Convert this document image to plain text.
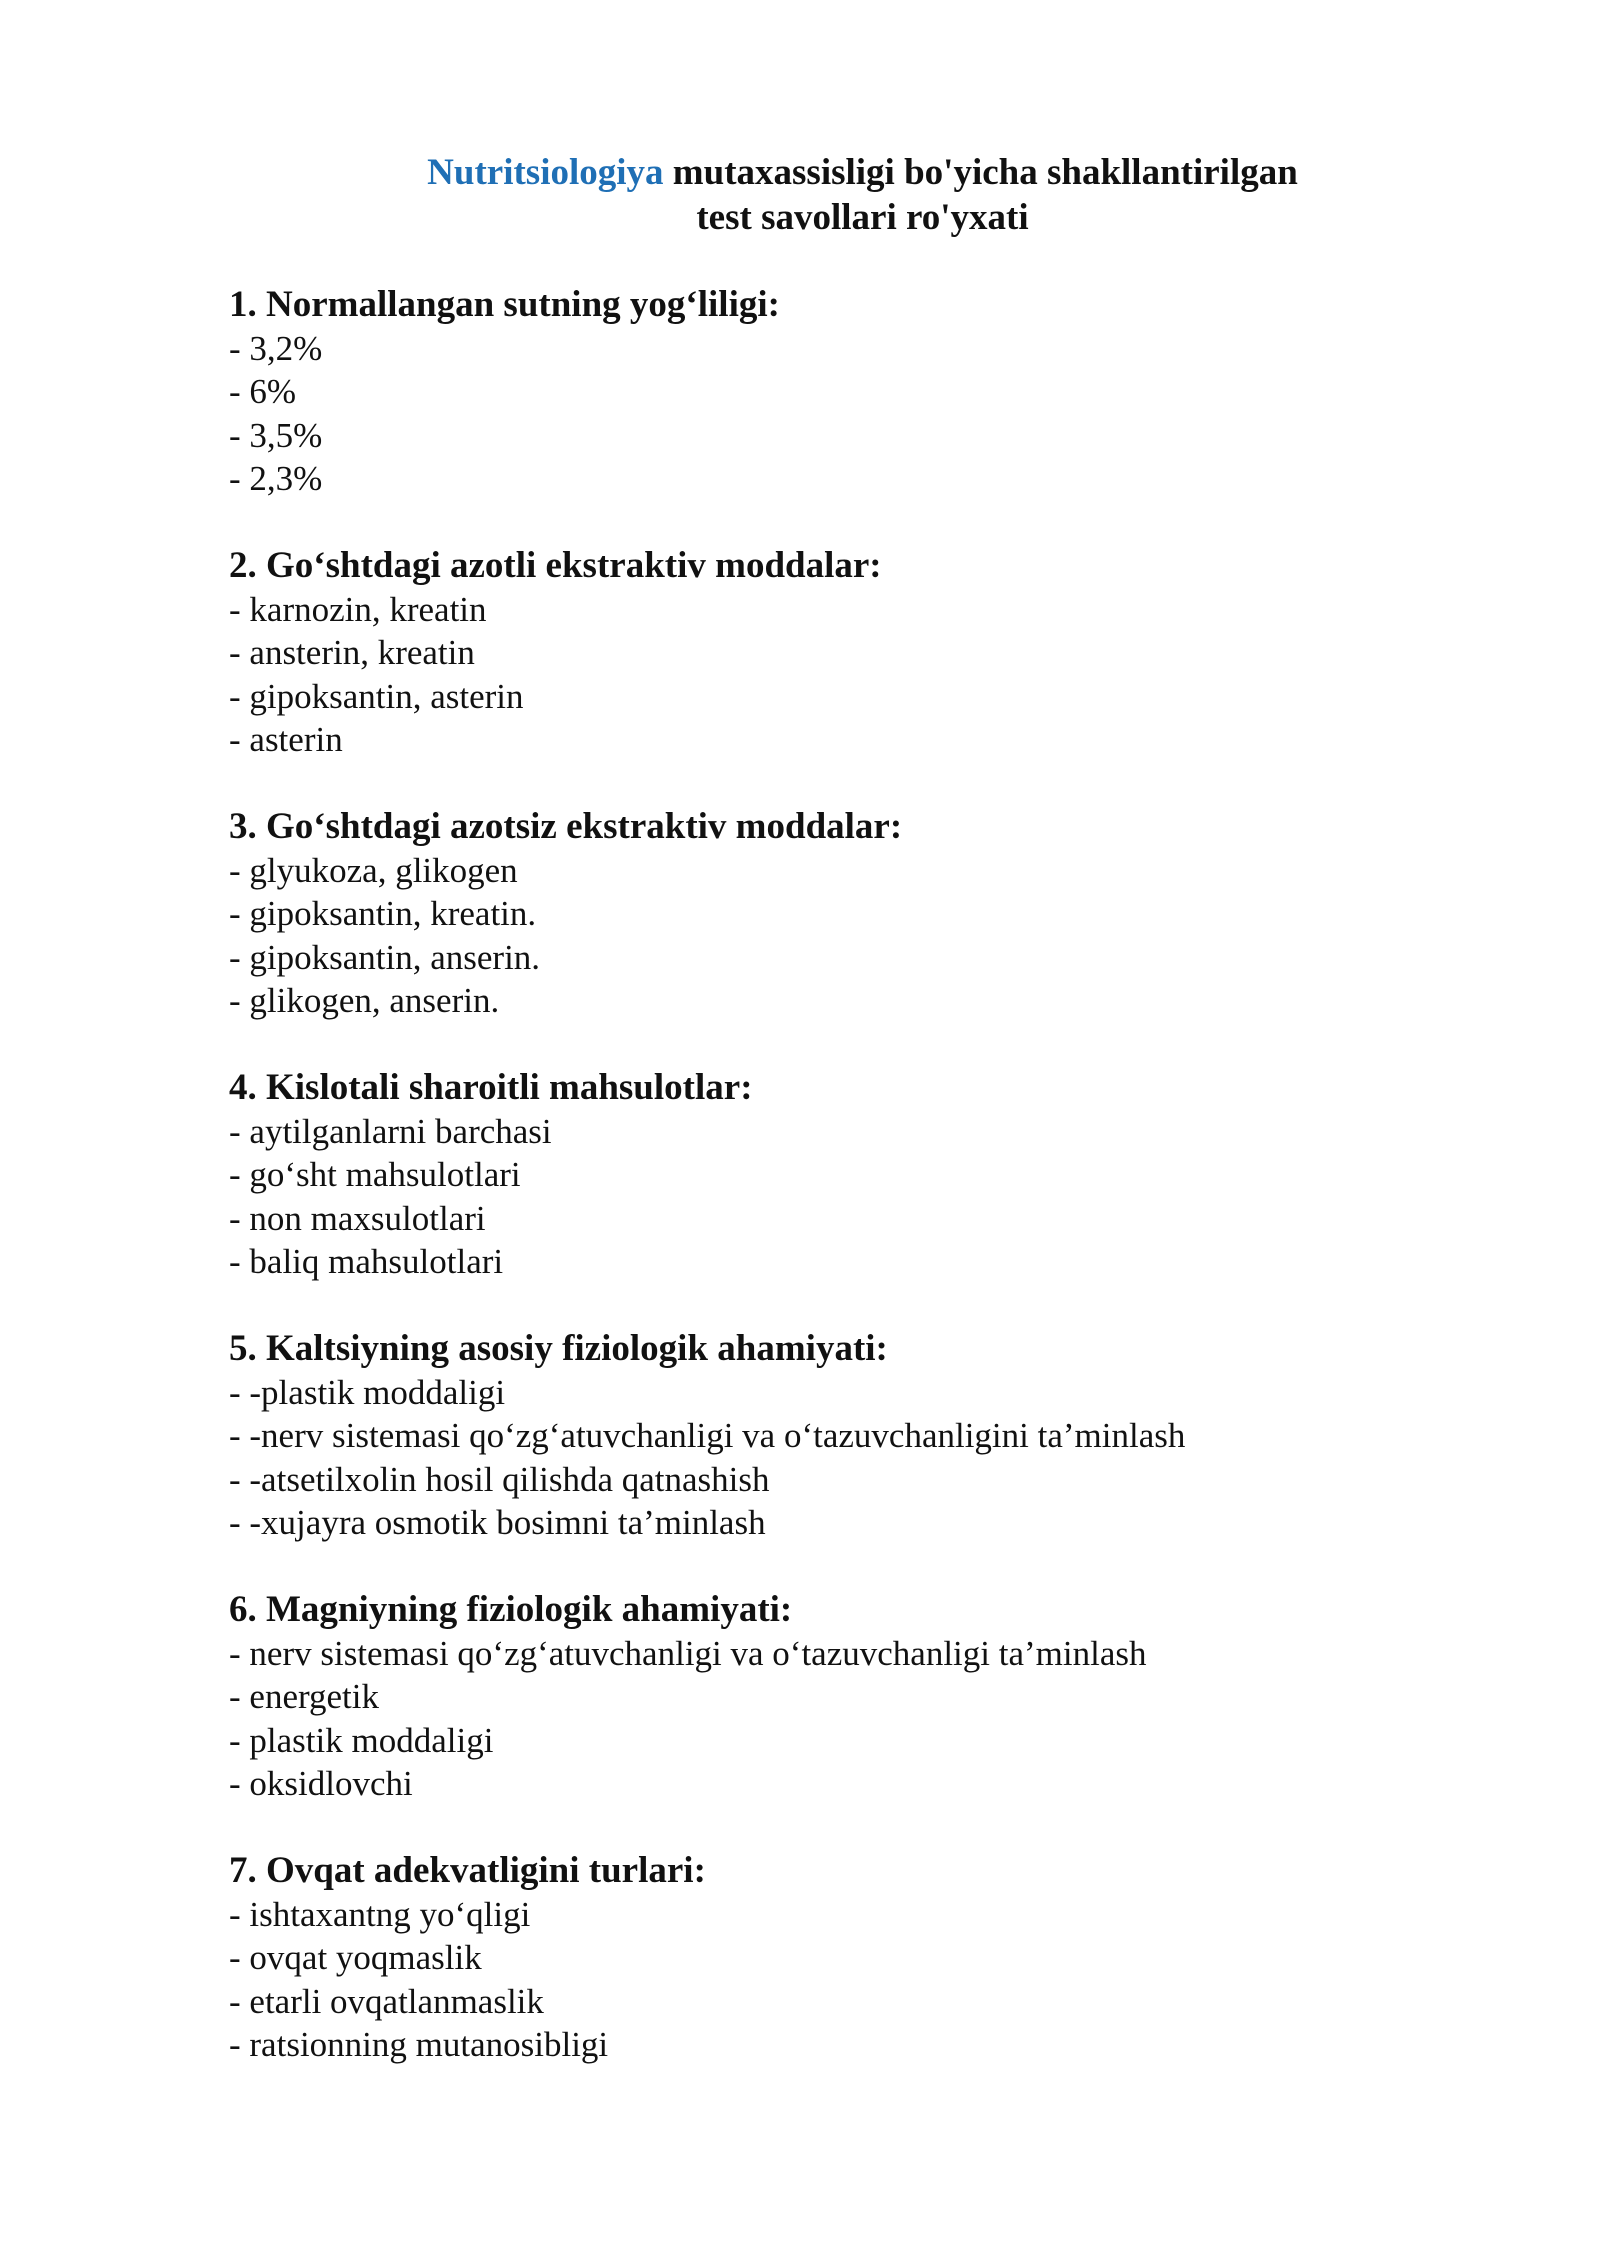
Nutritsiologiya mutaxassisligi bo'yicha shakllantirilgan
test savollari ro'yxati

1. Normallangan sutning yog‘liligi:

- 3,2%

- 6%

- 3,5%

- 2,3%

2. Go‘shtdagi azotli ekstraktiv moddalar:

- karnozin, kreatin

- ansterin, kreatin

- gipoksantin, asterin

- asterin

3. Go‘shtdagi azotsiz ekstraktiv moddalar:

- glyukoza, glikogen

- gipoksantin, kreatin.

- gipoksantin, anserin.

- glikogen, anserin.

4. Kislotali sharoitli mahsulotlar:

- aytilganlarni barchasi

- go‘sht mahsulotlari

- non maxsulotlari

- baliq mahsulotlari

5. Kaltsiyning asosiy fiziologik ahamiyati:

- -plastik moddaligi

- -nerv sistemasi qo‘zg‘atuvchanligi va o‘tazuvchanligini ta’minlash

- -atsetilxolin hosil qilishda qatnashish

- -xujayra osmotik bosimni ta’minlash

6. Magniyning fiziologik ahamiyati:

- nerv sistemasi qo‘zg‘atuvchanligi va o‘tazuvchanligi ta’minlash

- energetik

- plastik moddaligi

- oksidlovchi

7. Ovqat adekvatligini turlari:

- ishtaxantng yo‘qligi

- ovqat yoqmaslik

- etarli ovqatlanmaslik

- ratsionning mutanosibligi
